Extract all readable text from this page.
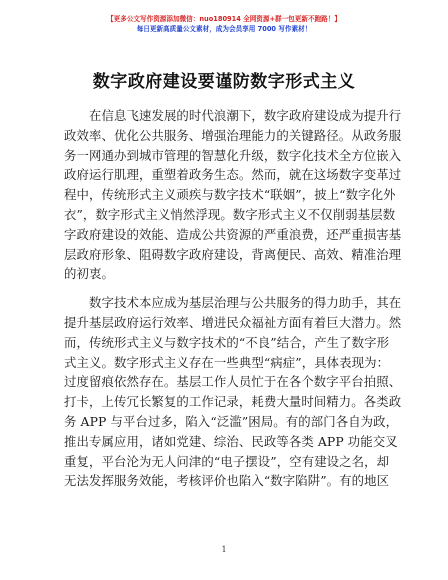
【更多公文写作资源添加微信：nuo180914 全网资源+群一包更新不跑路！】
每日更新高质量公文素材，成为会员享用 7000 写作素材！
数字政府建设要谨防数字形式主义
在信息飞速发展的时代浪潮下，数字政府建设成为提升行
政效率、优化公共服务、增强治理能力的关键路径。从政务服
务一网通办到城市管理的智慧化升级，数字化技术全方位嵌入
政府运行肌理，重塑着政务生态。然而，就在这场数字变革过
程中，传统形式主义顽疾与数字技术“联姻”，披上“数字化外
衣”，数字形式主义悄然浮现。数字形式主义不仅削弱基层数
字政府建设的效能、造成公共资源的严重浪费，还严重损害基
层政府形象、阻碍数字政府建设，背离便民、高效、精准治理
的初衷。
数字技术本应成为基层治理与公共服务的得力助手，其在
提升基层政府运行效率、增进民众福祉方面有着巨大潜力。然
而，传统形式主义与数字技术的“不良”结合，产生了数字形
式主义。数字形式主义存在一些典型“病症”，具体表现为：
过度留痕依然存在。基层工作人员忙于在各个数字平台拍照、
打卡，上传冗长繁复的工作记录，耗费大量时间精力。各类政
务 APP 与平台过多，陷入“泛滥”困局。有的部门各自为政，
推出专属应用，诸如党建、综治、民政等各类 APP 功能交叉
重复，平台沦为无人问津的“电子摆设”，空有建设之名，却
无法发挥服务效能，考核评价也陷入“数字陷阱”。有的地区
1
